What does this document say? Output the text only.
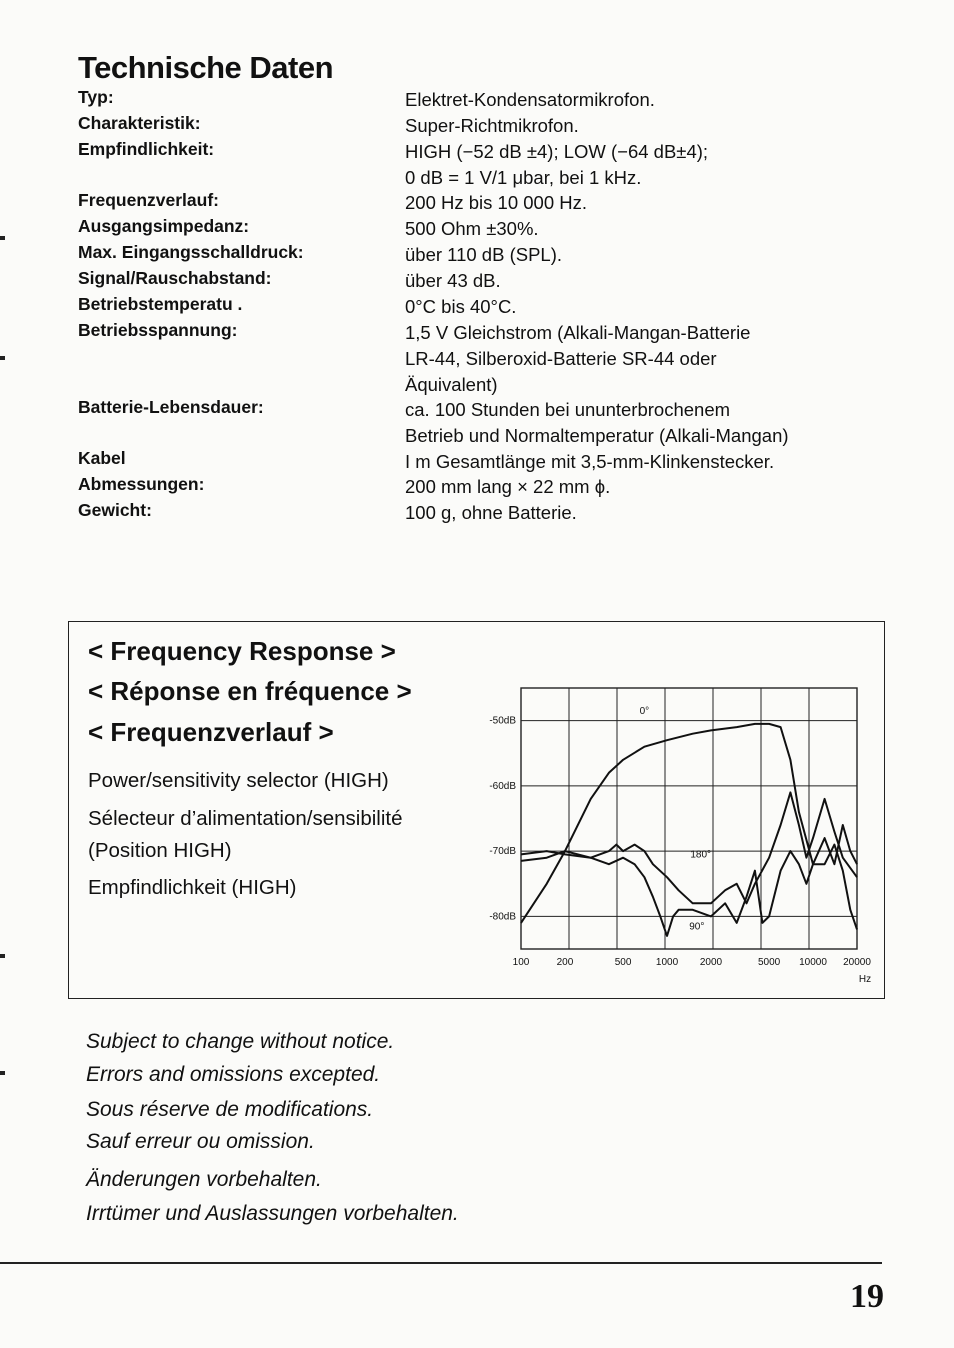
Technische Daten
Typ:	Elektret-Kondensatormikrofon.
Charakteristik:	Super-Richtmikrofon.
Empfindlichkeit:	HIGH (−52 dB ±4); LOW (−64 dB±4);
0 dB = 1 V/1 μbar, bei 1 kHz.
Frequenzverlauf:	200 Hz bis 10 000 Hz.
Ausgangsimpedanz:	500 Ohm ±30%.
Max. Eingangsschalldruck:	über 110 dB (SPL).
Signal/Rauschabstand:	über 43 dB.
Betriebstemperatu .	0°C bis 40°C.
Betriebsspannung:	1,5 V Gleichstrom (Alkali-Mangan-Batterie
LR-44, Silberoxid-Batterie SR-44 oder
Äquivalent)
Batterie-Lebensdauer:	ca. 100 Stunden bei ununterbrochenem
Betrieb und Normaltemperatur (Alkali-Mangan)
Kabel	I m Gesamtlänge mit 3,5-mm-Klinkenstecker.
Abmessungen:	200 mm lang × 22 mm ϕ.
Gewicht:	100 g, ohne Batterie.
< Frequency Response >
< Réponse en fréquence >
< Frequenzverlauf >
Power/sensitivity selector (HIGH)
Sélecteur d’alimentation/sensibilité
(Position HIGH)
Empfindlichkeit (HIGH)
-50dB
-60dB
-70dB
-80dB
100	200	500 1000 2000	5000 10000 20000
0°
180°
90°
Hz
Subject to change without notice.
Errors and omissions excepted.
Sous réserve de modifications.
Sauf erreur ou omission.
Änderungen vorbehalten.
Irrtümer und Auslassungen vorbehalten.
19
